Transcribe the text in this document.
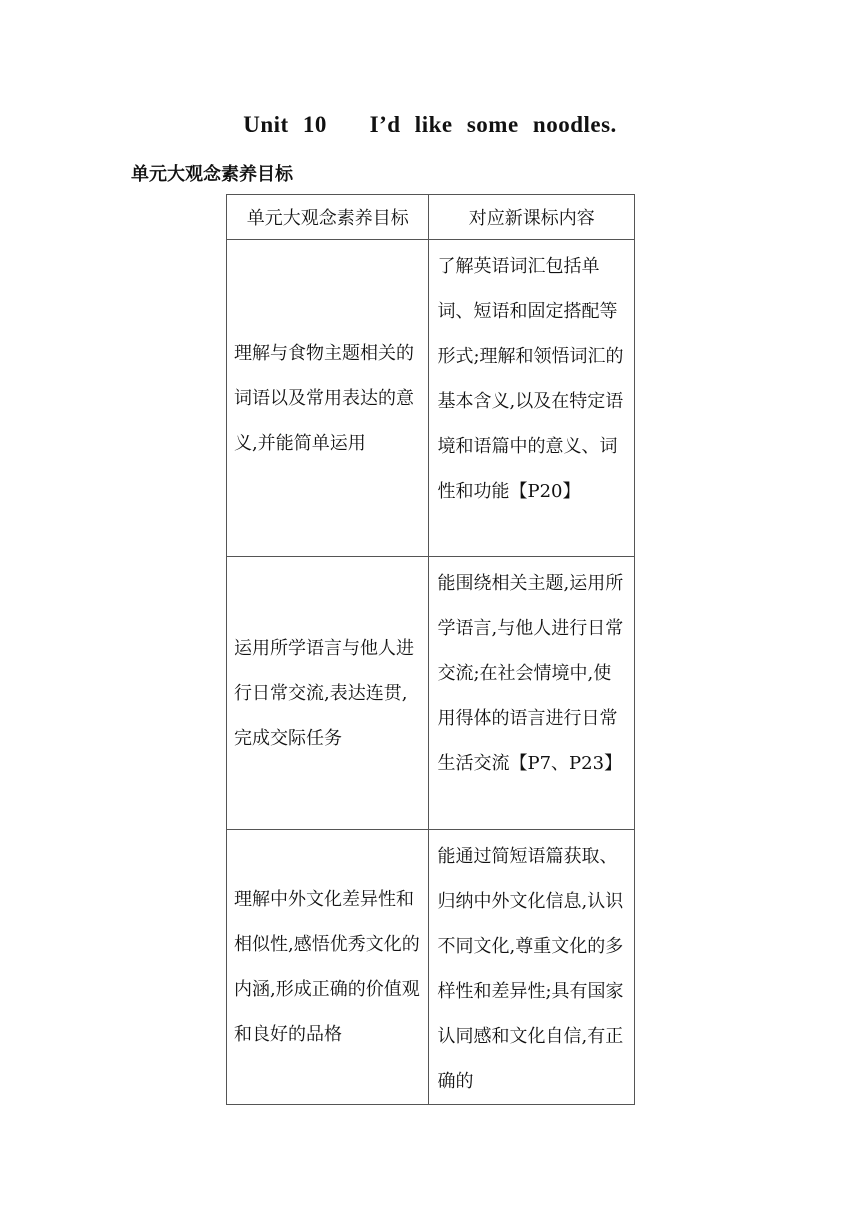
Unit 10   I’d like some noodles.
单元大观念素养目标
单元大观念素养目标	对应新课标内容
理解与食物主题相关的词语以及常用表达的意义,并能简单运用	了解英语词汇包括单词、短语和固定搭配等形式;理解和领悟词汇的基本含义,以及在特定语境和语篇中的意义、词性和功能【P20】
运用所学语言与他人进行日常交流,表达连贯,完成交际任务	能围绕相关主题,运用所学语言,与他人进行日常交流;在社会情境中,使用得体的语言进行日常生活交流【P7、P23】
理解中外文化差异性和相似性,感悟优秀文化的内涵,形成正确的价值观和良好的品格	能通过简短语篇获取、归纳中外文化信息,认识不同文化,尊重文化的多样性和差异性;具有国家认同感和文化自信,有正确的
